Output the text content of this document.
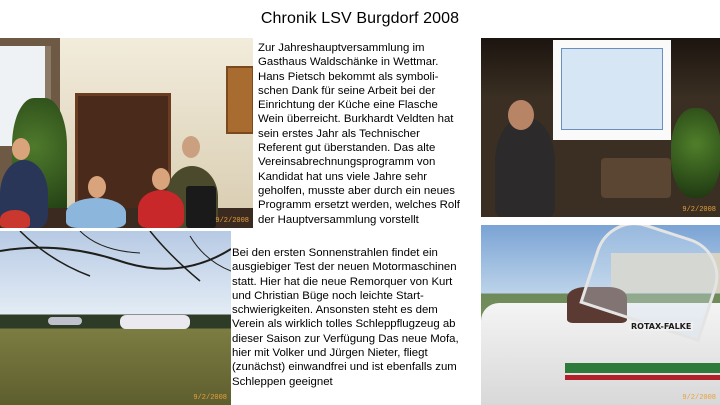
Chronik LSV Burgdorf 2008
9/2/2008
9/2/2008
9/2/2008
ROTAX-FALKE
9/2/2008
Zur Jahreshauptversammlung im
Gasthaus Waldschänke in Wettmar.
Hans Pietsch bekommt als symboli-
schen Dank für seine Arbeit bei der
Einrichtung der Küche eine Flasche
Wein überreicht. Burkhardt Veldten hat
sein erstes Jahr als Technischer
Referent gut überstanden. Das alte
Vereinsabrechnungsprogramm von
Kandidat hat uns viele Jahre sehr
geholfen, musste aber durch ein neues
Programm ersetzt werden, welches Rolf
der Hauptversammlung vorstellt
Bei den ersten Sonnenstrahlen findet ein
ausgiebiger Test der neuen Motormaschinen
statt. Hier hat die neue Remorquer von Kurt
und Christian Büge noch leichte Start-
schwierigkeiten. Ansonsten steht es dem
Verein als wirklich tolles Schleppflugzeug ab
dieser Saison zur Verfügung Das neue Mofa,
hier mit Volker und Jürgen Nieter, fliegt
(zunächst) einwandfrei und ist ebenfalls zum
Schleppen geeignet
